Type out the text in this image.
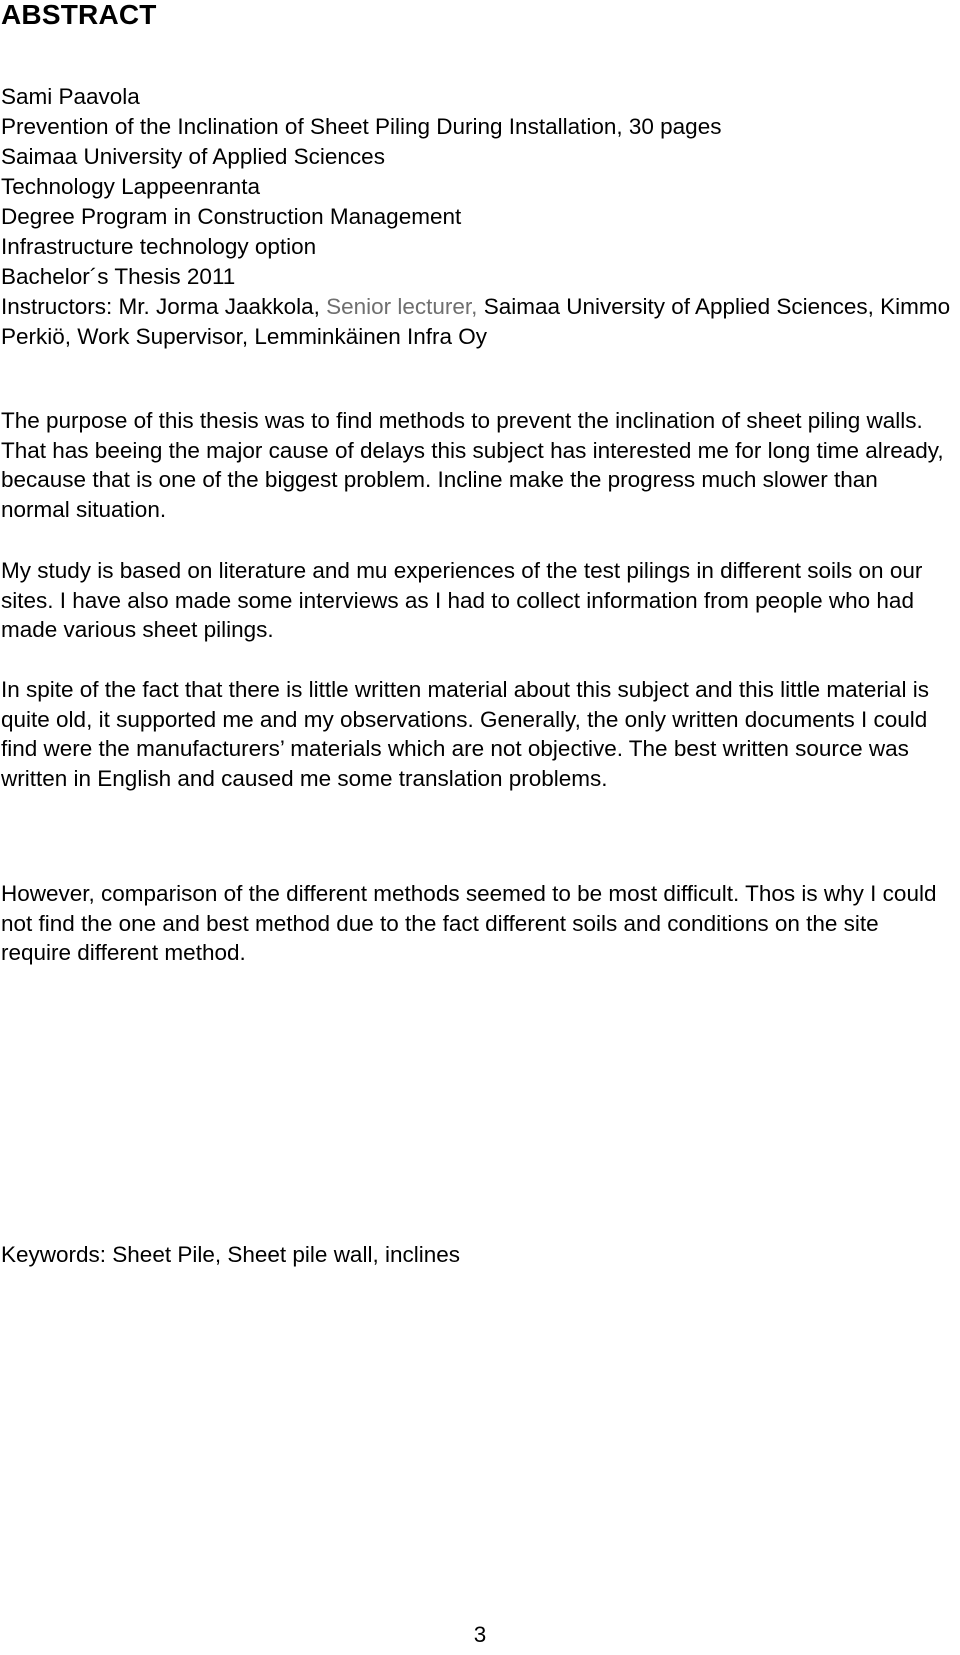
ABSTRACT
Sami Paavola
Prevention of the Inclination of Sheet Piling During Installation, 30 pages
Saimaa University of Applied Sciences
Technology Lappeenranta
Degree Program in Construction Management
Infrastructure technology option
Bachelor´s Thesis 2011
Instructors: Mr. Jorma Jaakkola, Senior lecturer, Saimaa University of Applied Sciences, Kimmo Perkiö, Work Supervisor, Lemminkäinen Infra Oy

The purpose of this thesis was to find methods to prevent the inclination of sheet piling walls. That has beeing the major cause of delays this subject has interested me for long time already, because that is one of the biggest problem. Incline make the progress much slower than normal situation.

My study is based on literature and mu experiences of the test pilings in different soils on our sites. I have also made some interviews as I had to collect information from people who had made various sheet pilings.

In spite of the fact that there is little written material about this subject and this little material is quite old, it supported me and my observations. Generally, the only written documents I could find were the manufacturers’ materials which are not objective. The best written source was written in English and caused me some translation problems.

However, comparison of the different methods seemed to be most difficult. Thos is why I could not find the one and best method due to the fact different soils and conditions on the site require different method.

Keywords: Sheet Pile, Sheet pile wall, inclines

3
